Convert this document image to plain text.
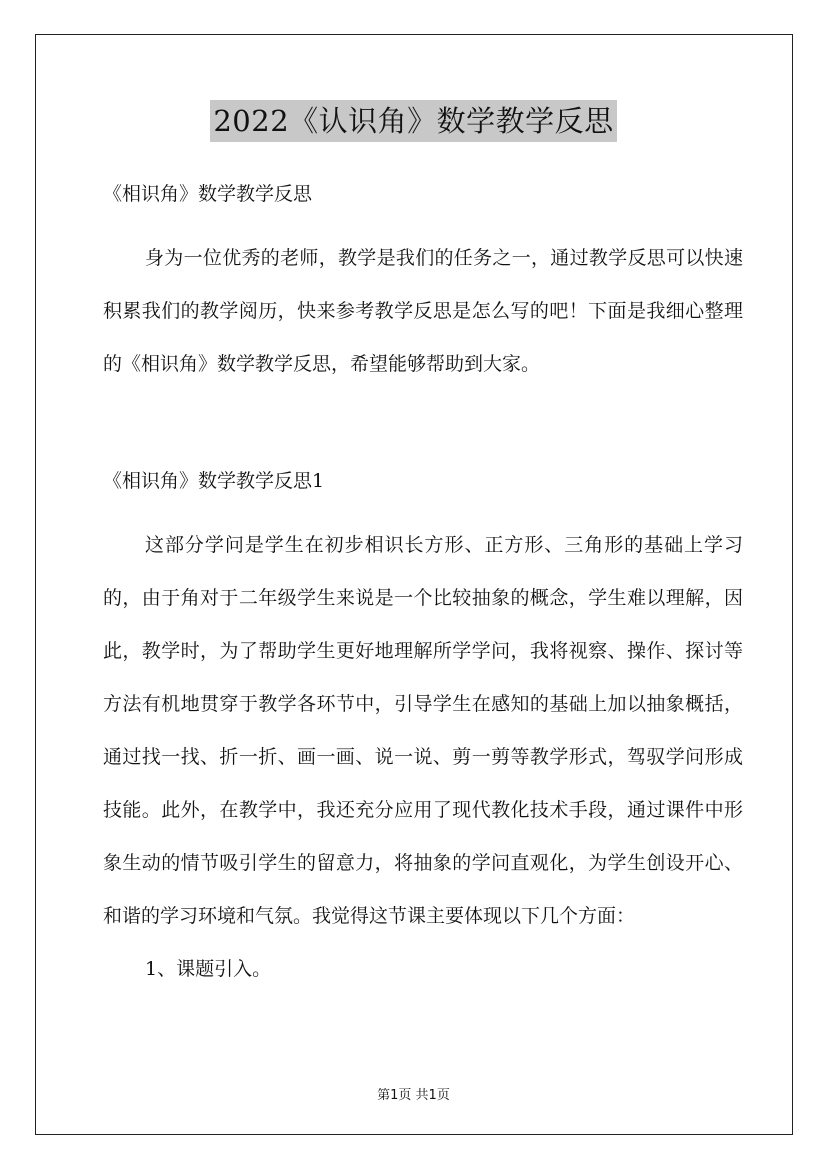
2022《认识角》数学教学反思

《相识角》数学教学反思

身为一位优秀的老师，教学是我们的任务之一，通过教学反思可以快速积累我们的教学阅历，快来参考教学反思是怎么写的吧！下面是我细心整理的《相识角》数学教学反思，希望能够帮助到大家。

《相识角》数学教学反思1

这部分学问是学生在初步相识长方形、正方形、三角形的基础上学习的，由于角对于二年级学生来说是一个比较抽象的概念，学生难以理解，因此，教学时，为了帮助学生更好地理解所学学问，我将视察、操作、探讨等方法有机地贯穿于教学各环节中，引导学生在感知的基础上加以抽象概括，通过找一找、折一折、画一画、说一说、剪一剪等教学形式，驾驭学问形成技能。此外，在教学中，我还充分应用了现代教化技术手段，通过课件中形象生动的情节吸引学生的留意力，将抽象的学问直观化，为学生创设开心、和谐的学习环境和气氛。我觉得这节课主要体现以下几个方面：

1、课题引入。

第1页 共1页
